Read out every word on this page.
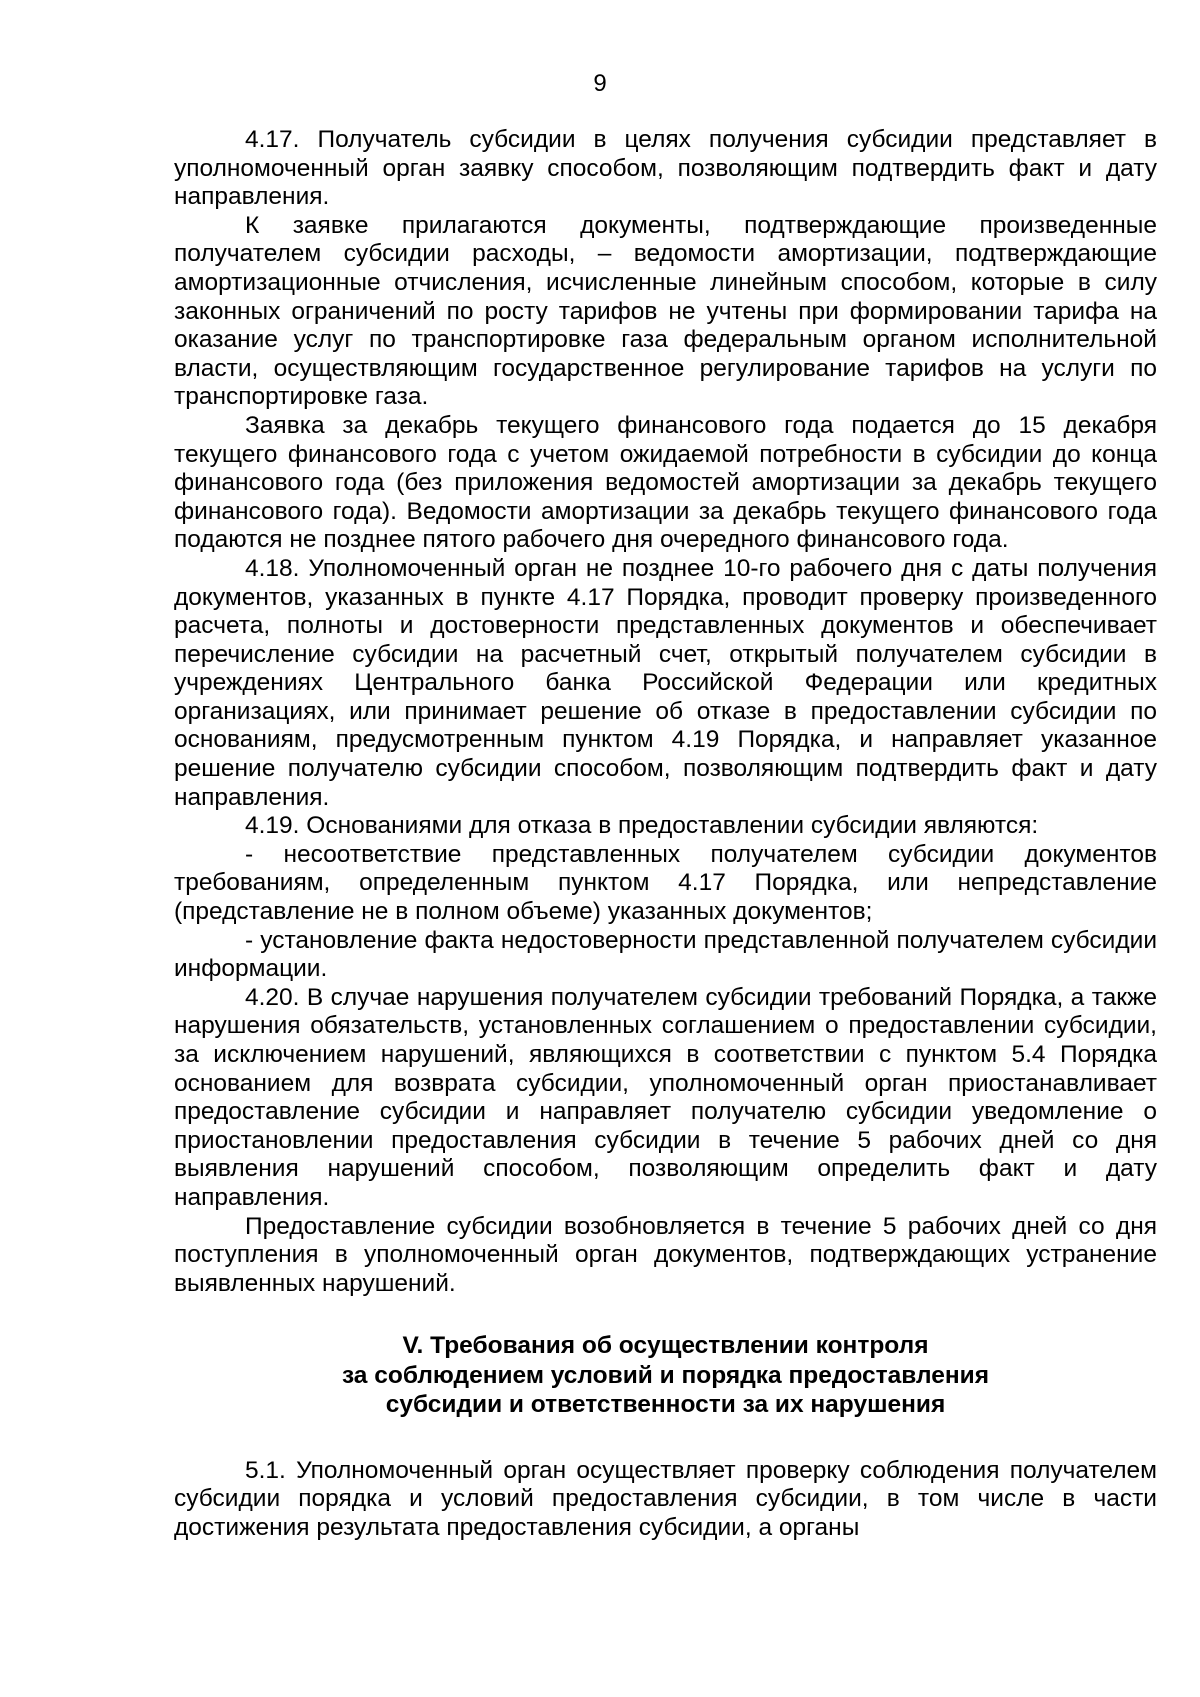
9

4.17. Получатель субсидии в целях получения субсидии представляет в уполномоченный орган заявку способом, позволяющим подтвердить факт и дату направления.

К заявке прилагаются документы, подтверждающие произведенные получателем субсидии расходы, – ведомости амортизации, подтверждающие амортизационные отчисления, исчисленные линейным способом, которые в силу законных ограничений по росту тарифов не учтены при формировании тарифа на оказание услуг по транспортировке газа федеральным органом исполнительной власти, осуществляющим государственное регулирование тарифов на услуги по транспортировке газа.

Заявка за декабрь текущего финансового года подается до 15 декабря текущего финансового года с учетом ожидаемой потребности в субсидии до конца финансового года (без приложения ведомостей амортизации за декабрь текущего финансового года). Ведомости амортизации за декабрь текущего финансового года подаются не позднее пятого рабочего дня очередного финансового года.

4.18. Уполномоченный орган не позднее 10-го рабочего дня с даты получения документов, указанных в пункте 4.17 Порядка, проводит проверку произведенного расчета, полноты и достоверности представленных документов и обеспечивает перечисление субсидии на расчетный счет, открытый получателем субсидии в учреждениях Центрального банка Российской Федерации или кредитных организациях, или принимает решение об отказе в предоставлении субсидии по основаниям, предусмотренным пунктом 4.19 Порядка, и направляет указанное решение получателю субсидии способом, позволяющим подтвердить факт и дату направления.

4.19. Основаниями для отказа в предоставлении субсидии являются:

- несоответствие представленных получателем субсидии документов требованиям, определенным пунктом 4.17 Порядка, или непредставление (представление не в полном объеме) указанных документов;

- установление факта недостоверности представленной получателем субсидии информации.

4.20. В случае нарушения получателем субсидии требований Порядка, а также нарушения обязательств, установленных соглашением о предоставлении субсидии, за исключением нарушений, являющихся в соответствии с пунктом 5.4 Порядка основанием для возврата субсидии, уполномоченный орган приостанавливает предоставление субсидии и направляет получателю субсидии уведомление о приостановлении предоставления субсидии в течение 5 рабочих дней со дня выявления нарушений способом, позволяющим определить факт и дату направления.

Предоставление субсидии возобновляется в течение 5 рабочих дней со дня поступления в уполномоченный орган документов, подтверждающих устранение выявленных нарушений.

V. Требования об осуществлении контроля
за соблюдением условий и порядка предоставления
субсидии и ответственности за их нарушения

5.1. Уполномоченный орган осуществляет проверку соблюдения получателем субсидии порядка и условий предоставления субсидии, в том числе в части достижения результата предоставления субсидии, а органы
